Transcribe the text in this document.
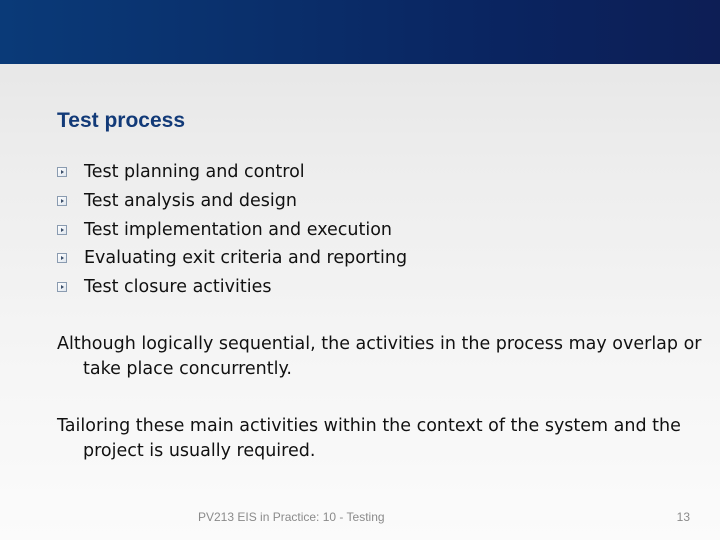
Test process
Test planning and control
Test analysis and design
Test implementation and execution
Evaluating exit criteria and reporting
Test closure activities

Although logically sequential, the activities in the process may overlap or take place concurrently.

Tailoring these main activities within the context of the system and the project is usually required.

PV213 EIS in Practice: 10 - Testing	13
